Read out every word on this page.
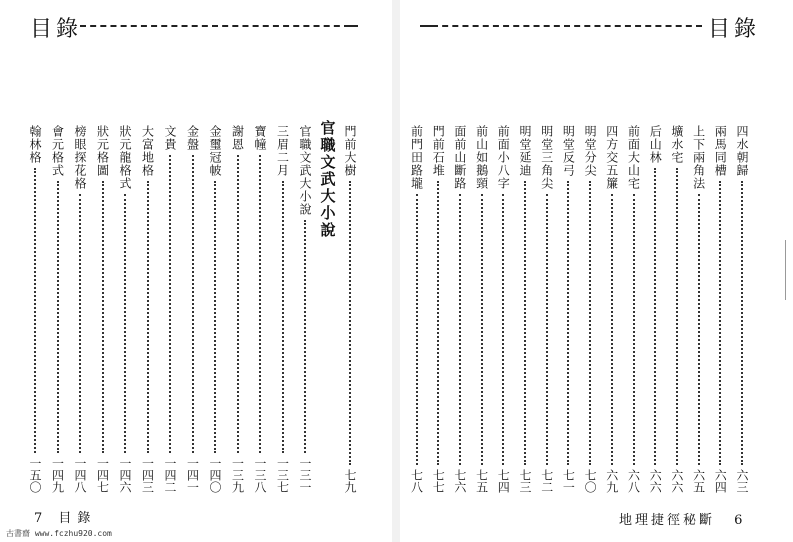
目錄
門前大樹
七九
官職文武大小說
官職文武大小說
一三一
三眉二月
一三七
寶幢
一三八
謝恩
一三九
金璽冠帔
一四〇
金盤
一四一
文貴
一四二
大富地格
一四三
狀元龍格式
一四六
狀元格圖
一四七
榜眼探花格
一四八
會元格式
一四九
翰林格
一五〇
7 目錄
目錄
四水朝歸
六三
兩馬同槽
六四
上下兩角法
六五
壙水宅
六六
后山林
六六
前面大山宅
六八
四方交五簾
六九
明堂分尖
七〇
明堂反弓
七一
明堂三角尖
七二
明堂延迪
七三
前面小八字
七四
前山如鵝頸
七五
面前山斷路
七六
門前石堆
七七
前門田路壠
七八
地理捷徑秘斷 6
古書齋 www.fczhu920.com
